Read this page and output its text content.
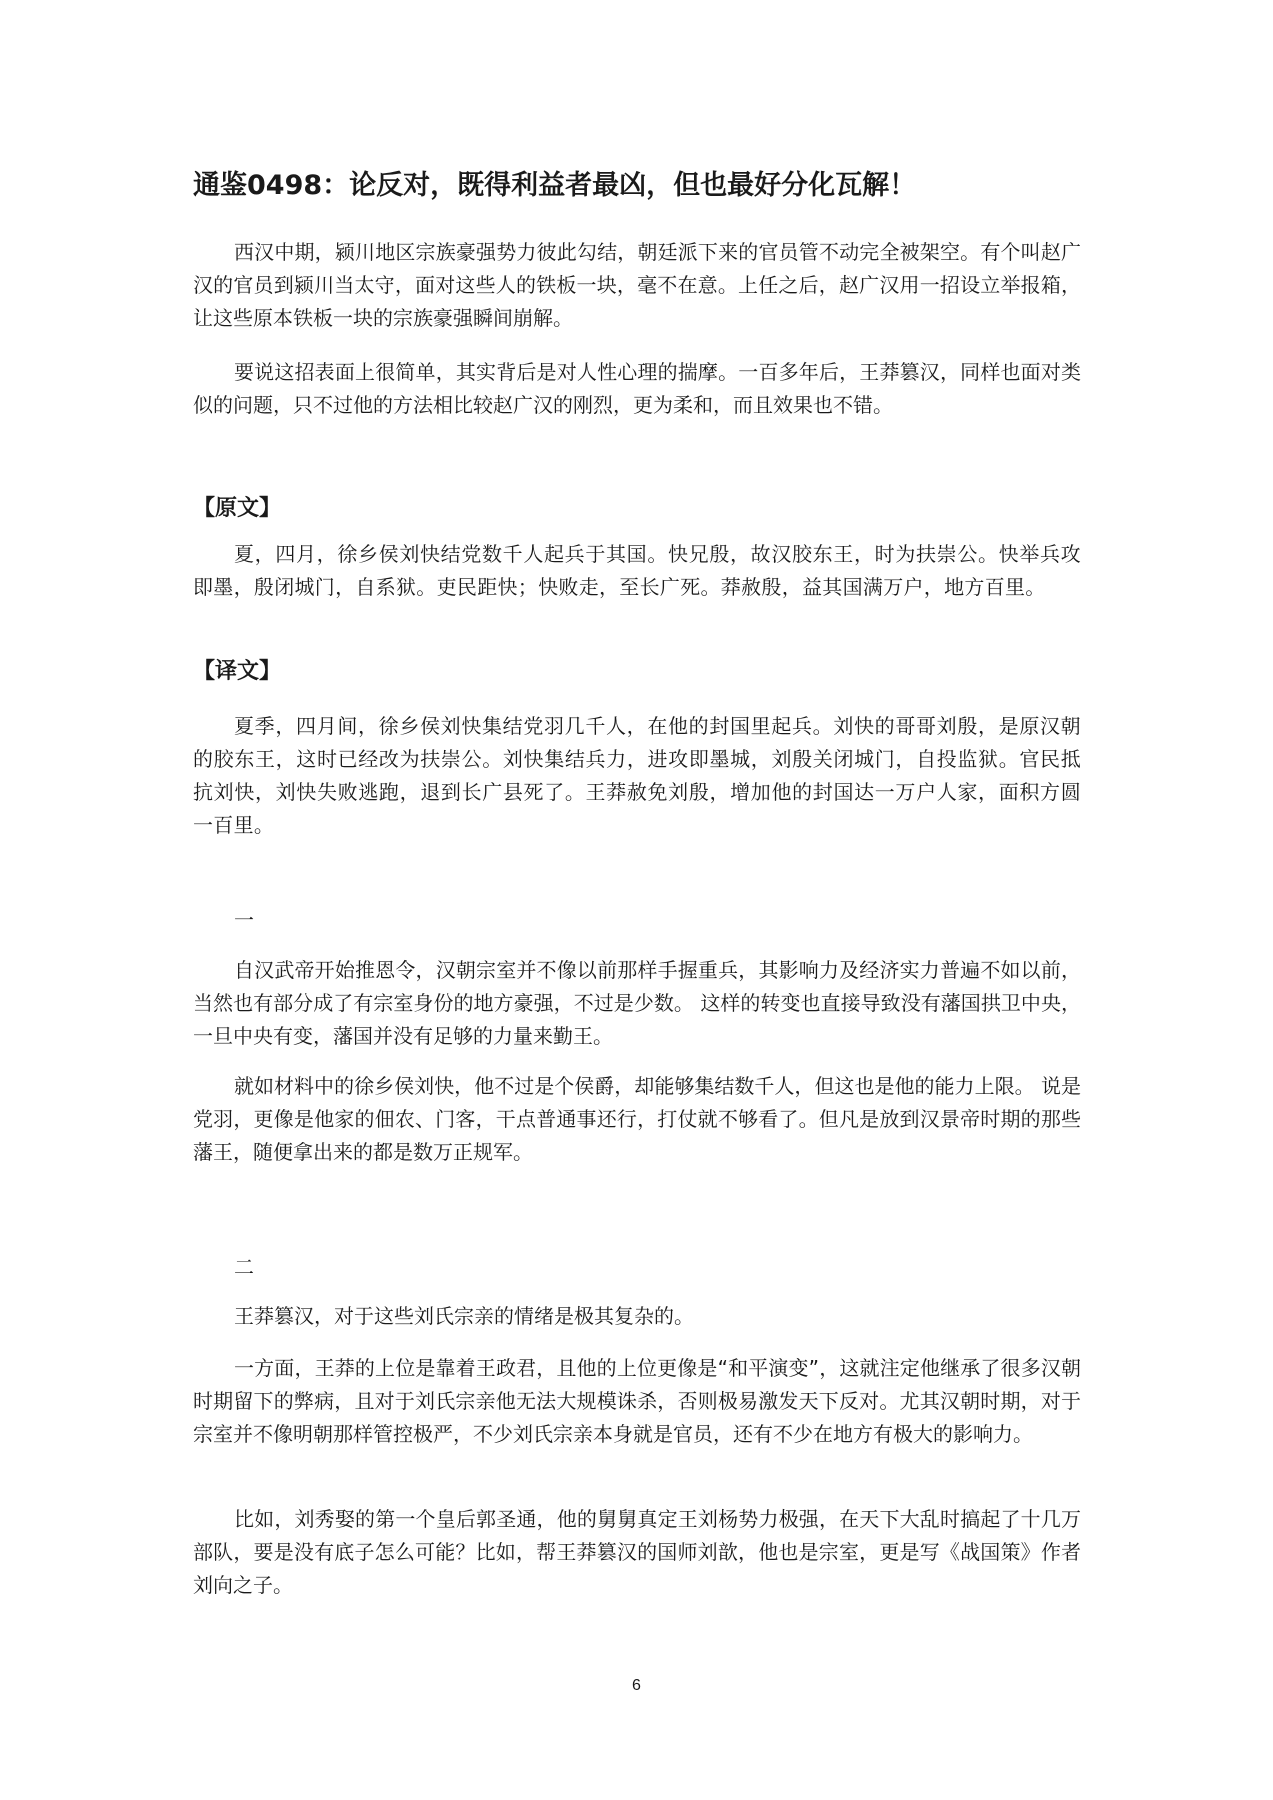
通鉴0498：论反对，既得利益者最凶，但也最好分化瓦解！

西汉中期，颍川地区宗族豪强势力彼此勾结，朝廷派下来的官员管不动完全被架空。有个叫赵广汉的官员到颍川当太守，面对这些人的铁板一块，毫不在意。上任之后，赵广汉用一招设立举报箱，让这些原本铁板一块的宗族豪强瞬间崩解。

要说这招表面上很简单，其实背后是对人性心理的揣摩。一百多年后，王莽篡汉，同样也面对类似的问题，只不过他的方法相比较赵广汉的刚烈，更为柔和，而且效果也不错。

【原文】

夏，四月，徐乡侯刘快结党数千人起兵于其国。快兄殷，故汉胶东王，时为扶崇公。快举兵攻即墨，殷闭城门，自系狱。吏民距快；快败走，至长广死。莽赦殷，益其国满万户，地方百里。

【译文】

夏季，四月间，徐乡侯刘快集结党羽几千人，在他的封国里起兵。刘快的哥哥刘殷，是原汉朝的胶东王，这时已经改为扶崇公。刘快集结兵力，进攻即墨城，刘殷关闭城门，自投监狱。官民抵抗刘快，刘快失败逃跑，退到长广县死了。王莽赦免刘殷，增加他的封国达一万户人家，面积方圆一百里。

一

自汉武帝开始推恩令，汉朝宗室并不像以前那样手握重兵，其影响力及经济实力普遍不如以前，当然也有部分成了有宗室身份的地方豪强，不过是少数。 这样的转变也直接导致没有藩国拱卫中央，一旦中央有变，藩国并没有足够的力量来勤王。

就如材料中的徐乡侯刘快，他不过是个侯爵，却能够集结数千人，但这也是他的能力上限。 说是党羽，更像是他家的佃农、门客，干点普通事还行，打仗就不够看了。但凡是放到汉景帝时期的那些藩王，随便拿出来的都是数万正规军。

二

王莽篡汉，对于这些刘氏宗亲的情绪是极其复杂的。

一方面，王莽的上位是靠着王政君，且他的上位更像是“和平演变”，这就注定他继承了很多汉朝时期留下的弊病，且对于刘氏宗亲他无法大规模诛杀，否则极易激发天下反对。尤其汉朝时期，对于宗室并不像明朝那样管控极严，不少刘氏宗亲本身就是官员，还有不少在地方有极大的影响力。

比如，刘秀娶的第一个皇后郭圣通，他的舅舅真定王刘杨势力极强，在天下大乱时搞起了十几万部队，要是没有底子怎么可能？比如，帮王莽篡汉的国师刘歆，他也是宗室，更是写《战国策》作者刘向之子。

6
